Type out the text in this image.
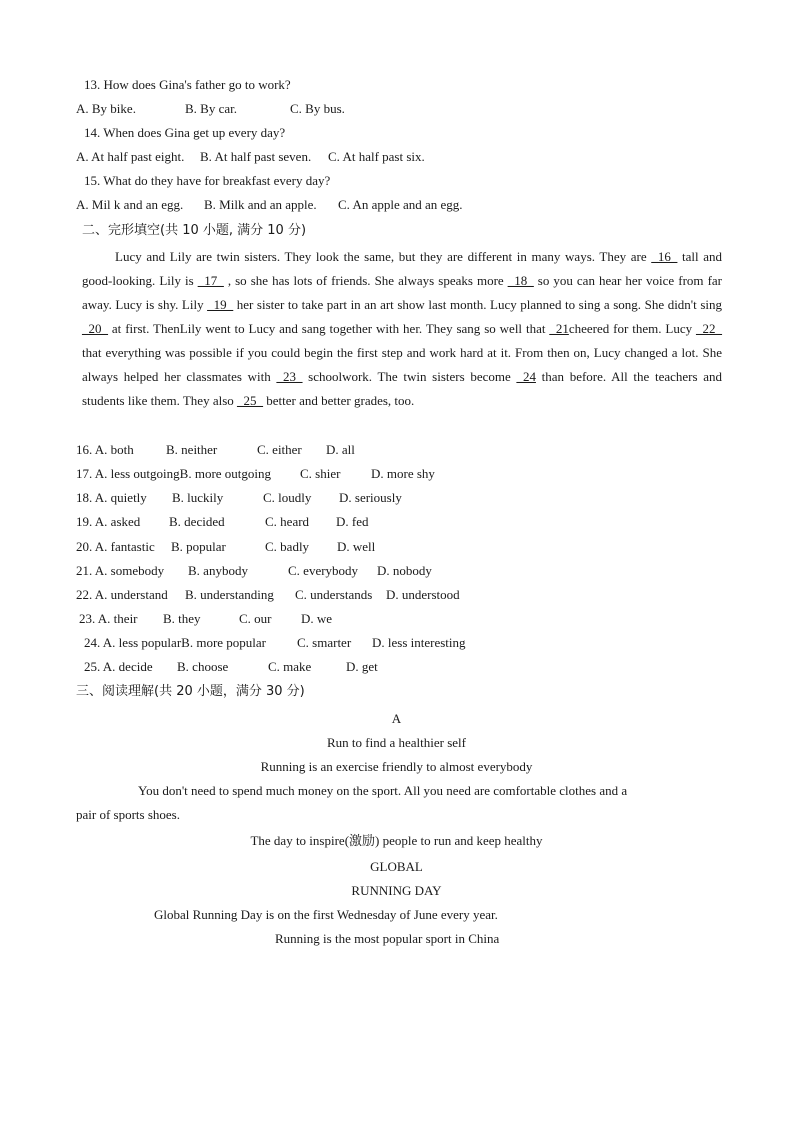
13. How does Gina's father go to work?
A. By bike.	B. By car.	C. By bus.
14. When does Gina get up every day?
A. At half past eight. B. At half past seven. C. At half past six.
15. What do they have for breakfast every day?
A. Mil k and an egg. B. Milk and an apple. C. An apple and an egg.
二、完形填空(共 10 小题, 满分 10 分)
Lucy and Lily are twin sisters. They look the same, but they are different in many ways. They are _16_ tall and good-looking. Lily is _17_ , so she has lots of friends. She always speaks more _18_ so you can hear her voice from far away. Lucy is shy. Lily _19_ her sister to take part in an art show last month. Lucy planned to sing a song. She didn't sing _20_ at first. ThenLily went to Lucy and sang together with her. They sang so well that _21cheered for them. Lucy _22_ that everything was possible if you could begin the first step and work hard at it. From then on, Lucy changed a lot. She always helped her classmates with _23_ schoolwork. The twin sisters become _24 than before. All the teachers and students like them. They also _25_ better and better grades, too.
16. A. both B. neither	C. either D. all
17. A. less outgoingB. more outgoing C. shier D. more shy
18. A. quietly B. luckily	C. loudly D. seriously
19. A. asked B. decided	C. heard D. fed
20. A. fantastic B. popular	C. badly D. well
21. A. somebody B. anybody	C. everybody D. nobody
22. A. understand B. understanding C. understands D. understood
23. A. their B. they	C. our D. we
24. A. less popularB. more popular C. smarter D. less interesting
25. A. decide B. choose	C. make	D. get
三、阅读理解(共 20 小题，满分 30 分)
A
Run to find a healthier self
Running is an exercise friendly to almost everybody
You don't need to spend much money on the sport. All you need are comfortable clothes and a
pair of sports shoes.
The day to inspire(激励) people to run and keep healthy
GLOBAL
RUNNING DAY
Global Running Day is on the first Wednesday of June every year.
Running is the most popular sport in China
